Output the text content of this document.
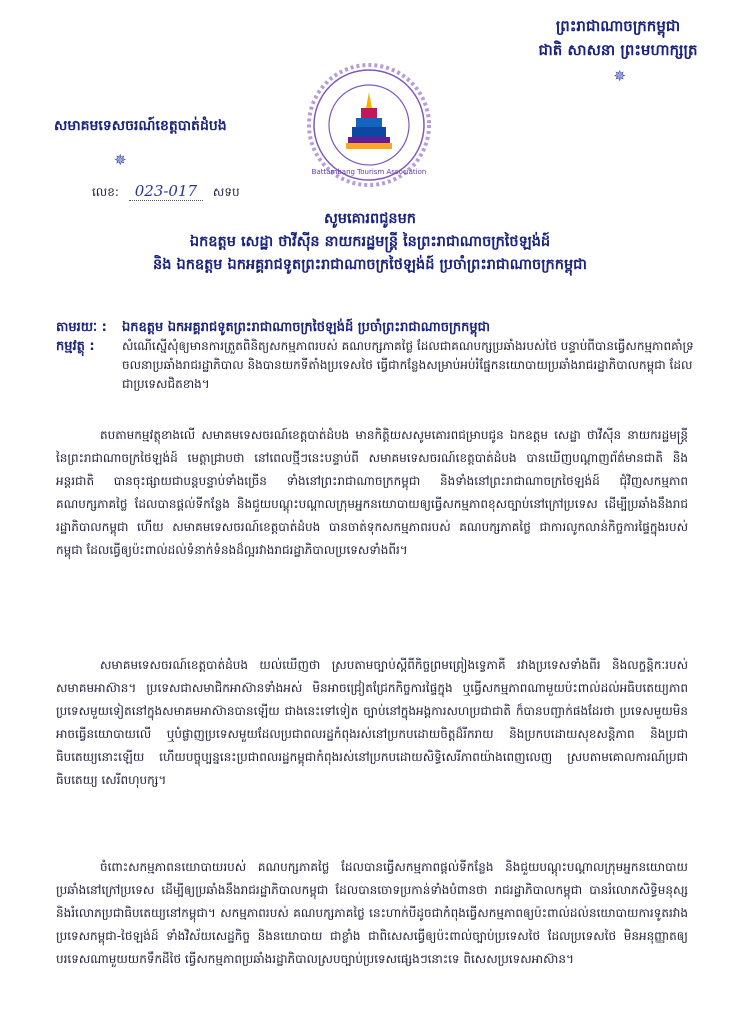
ព្រះរាជាណាចក្រកម្ពុជា
ជាតិ សាសនា ព្រះមហាក្សត្រ
✵
Battambang Tourism Association
សមាគមទេសចរណ៍ខេត្តបាត់ដំបង
✵
លេខ: 023-017 សទប
សូមគោរពជូនមក
ឯកឧត្តម សេដ្ឋា ថាវីស៊ីន នាយករដ្ឋមន្ត្រី នៃព្រះរាជាណាចក្រថៃឡង់ដ៍
និង ឯកឧត្តម ឯកអគ្គរាជទូតព្រះរាជាណាចក្រថៃឡង់ដ៍ ប្រចាំព្រះរាជាណាចក្រកម្ពុជា
តាមរយៈ :	ឯកឧត្តម ឯកអគ្គរាជទូតព្រះរាជាណាចក្រថៃឡង់ដ៍ ប្រចាំព្រះរាជាណាចក្រកម្ពុជា
កម្មវត្ថុ :	សំណើស្នើសុំឲ្យមានការត្រួតពិនិត្យសកម្មភាពរបស់ គណបក្សភាគថ្លៃ ដែលជាគណបក្សប្រឆាំងរបស់ថៃ បន្ទាប់ពីបានធ្វើសកម្មភាពគាំទ្រចលនាប្រឆាំងរាជរដ្ឋាភិបាល និងបានយកទីតាំងប្រទេសថៃ ធ្វើជាកន្លែងសម្រាប់អប់រំផ្នែកនយោបាយប្រឆាំងរាជរដ្ឋាភិបាលកម្ពុជា ដែលជាប្រទេសជិតខាង។
តបតាមកម្មវត្ថុខាងលើ សមាគមទេសចរណ៍ខេត្តបាត់ដំបង មានកិត្តិយសសូមគោរពជម្រាបជូន ឯកឧត្តម សេដ្ឋា ថាវីស៊ីន នាយករដ្ឋមន្ត្រី នៃព្រះរាជាណាចក្រថៃឡង់ដ៍ មេត្តាជ្រាបថា នៅពេលថ្មីៗនេះបន្ទាប់ពី សមាគមទេសចរណ៍ខេត្តបាត់ដំបង បានឃើញបណ្តាញព័ត៌មានជាតិ និងអន្តរជាតិ បានចុះផ្សាយជាបន្តបន្ទាប់ទាំងច្រើន ទាំងនៅព្រះរាជាណាចក្រកម្ពុជា និងទាំងនៅព្រះរាជាណាចក្រថៃឡង់ដ៍ ជុំវិញសកម្មភាព គណបក្សភាគថ្លៃ ដែលបានផ្តល់ទីកន្លែង និងជួយបណ្តុះបណ្តាលក្រុមអ្នកនយោបាយឲ្យធ្វើសកម្មភាពខុសច្បាប់នៅក្រៅប្រទេស ដើម្បីប្រឆាំងនឹងរាជរដ្ឋាភិបាលកម្ពុជា ហើយ សមាគមទេសចរណ៍ខេត្តបាត់ដំបង បានចាត់ទុកសកម្មភាពរបស់ គណបក្សភាគថ្លៃ ជាការលូកលាន់កិច្ចការផ្ទៃក្នុងរបស់កម្ពុជា ដែលធ្វើឲ្យប៉ះពាល់ដល់ទំនាក់ទំនងដ៏ល្អរវាងរាជរដ្ឋាភិបាលប្រទេសទាំងពីរ។
សមាគមទេសចរណ៍ខេត្តបាត់ដំបង យល់ឃើញថា ស្របតាមច្បាប់ស្តីពីកិច្ចព្រមព្រៀងទ្វេភាគី រវាងប្រទេសទាំងពីរ និងលក្ខន្តិកៈរបស់សមាគមអាស៊ាន។ ប្រទេសជាសមាជិកអាស៊ានទាំងអស់ មិនអាចជ្រៀតជ្រែកកិច្ចការផ្ទៃក្នុង ឬធ្វើសកម្មភាពណាមួយប៉ះពាល់ដល់អធិបតេយ្យភាពប្រទេសមួយទៀតនៅក្នុងសមាគមអាស៊ានបានឡើយ ជាងនេះទៅទៀត ច្បាប់នៅក្នុងអង្គការសហប្រជាជាតិ ក៏បានបញ្ជាក់ផងដែរថា ប្រទេសមួយមិនអាចធ្វើនយោបាយលើ ឬបំផ្លាញប្រទេសមួយដែលប្រជាពលរដ្ឋកំពុងរស់នៅប្រកបដោយចិត្តដ៏រីករាយ និងប្រកបដោយសុខសន្តិភាព និងប្រជាធិបតេយ្យនោះឡើយ ហើយបច្ចុប្បន្ននេះប្រជាពលរដ្ឋកម្ពុជាកំពុងរស់នៅប្រកបដោយសិទ្ធិសេរីភាពយ៉ាងពេញលេញ ស្របតាមគោលការណ៍ប្រជាធិបតេយ្យ សេរីពហុបក្ស។
ចំពោះសកម្មភាពនយោបាយរបស់ គណបក្សភាគថ្លៃ ដែលបានធ្វើសកម្មភាពផ្តល់ទីកន្លែង និងជួយបណ្តុះបណ្តាលក្រុមអ្នកនយោបាយប្រឆាំងនៅក្រៅប្រទេស ដើម្បីឲ្យប្រឆាំងនឹងរាជរដ្ឋាភិបាលកម្ពុជា ដែលបានចោទប្រកាន់ទាំងបំពានថា រាជរដ្ឋាភិបាលកម្ពុជា បានរំលោភសិទ្ធិមនុស្ស និងរំលោភប្រជាធិបតេយ្យនៅកម្ពុជា។ សកម្មភាពរបស់ គណបក្សភាគថ្លៃ នេះហាក់បីដូចជាកំពុងធ្វើសកម្មភាពឲ្យប៉ះពាល់ដល់នយោបាយការទូតរវាង ប្រទេសកម្ពុជា-ថៃឡង់ដ៍ ទាំងវិស័យសេដ្ឋកិច្ច និងនយោបាយ ជាខ្លាំង ជាពិសេសធ្វើឲ្យប៉ះពាល់ច្បាប់ប្រទេសថៃ ដែលប្រទេសថៃ មិនអនុញ្ញាតឲ្យបរទេសណាមួយយកទឹកដីថៃ ធ្វើសកម្មភាពប្រឆាំងរដ្ឋាភិបាលស្របច្បាប់ប្រទេសផ្សេងៗនោះទេ ពិសេសប្រទេសអាស៊ាន។
